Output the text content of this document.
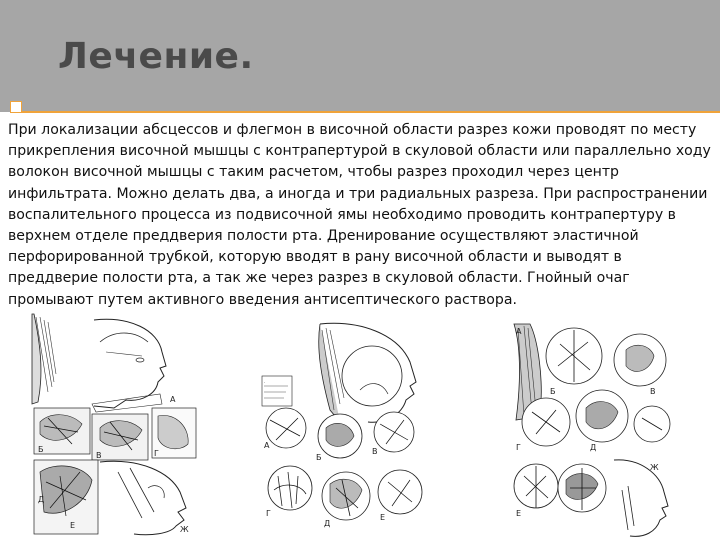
Лечение.

При локализации абсцессов и флегмон в височной области разрез кожи проводят по месту прикрепления височной мышцы с контрапертурой в скуловой области или параллельно ходу волокон височной мышцы с таким расчетом, чтобы разрез проходил через центр инфильтрата. Можно делать два, а иногда и три радиальных разреза. При распространении воспалительного процесса из подвисочной ямы необходимо проводить контрапертуру в верхнем отделе преддверия полости рта. Дренирование осуществляют эластичной перфорированной трубкой, которую вводят в рану височной области и выводят в преддверие полости рта, а так же через разрез в скуловой области. Гнойный очаг промывают путем активного введения антисептического раствора.

Е	Ж
А
Б
В	Г
Д
·
А
Б
В
Г
Д
Е
А
Б	В
Г	Д
Е
Ж
